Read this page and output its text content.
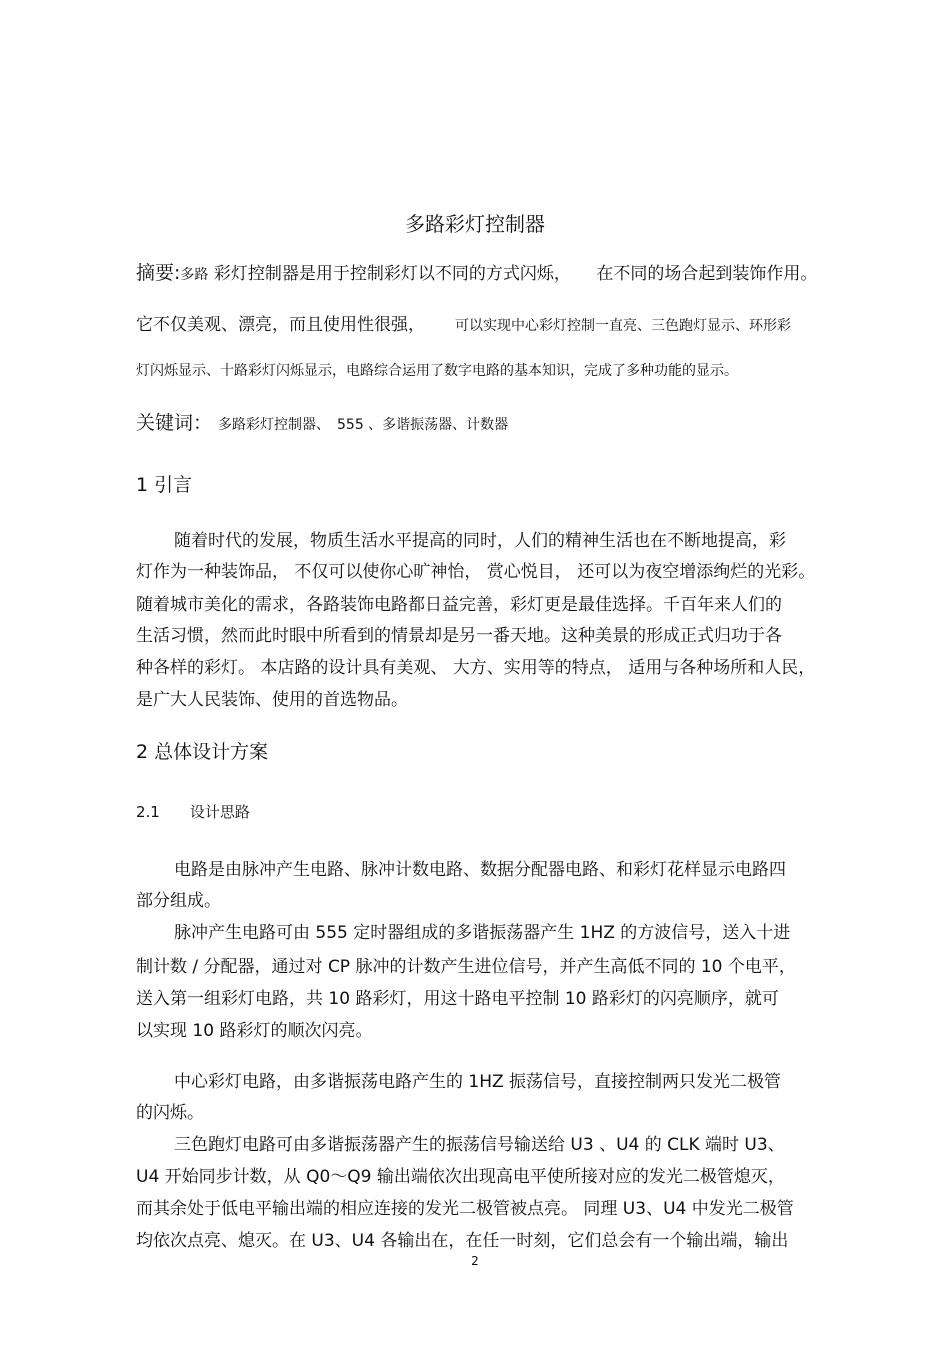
多路彩灯控制器
摘要:多路 彩灯控制器是用于控制彩灯以不同的方式闪烁，　　在不同的场合起到装饰作用。
它不仅美观、漂亮，而且使用性很强， 可以实现中心彩灯控制一直亮、三色跑灯显示、环形彩
灯闪烁显示、十路彩灯闪烁显示，电路综合运用了数字电路的基本知识，完成了多种功能的显示。
关键词： 多路彩灯控制器、　555 、多谐振荡器、计数器
1 引言
随着时代的发展，物质生活水平提高的同时，人们的精神生活也在不断地提高，彩
灯作为一种装饰品， 不仅可以使你心旷神怡， 赏心悦目， 还可以为夜空增添绚烂的光彩。
随着城市美化的需求，各路装饰电路都日益完善，彩灯更是最佳选择。千百年来人们的
生活习惯，然而此时眼中所看到的情景却是另一番天地。这种美景的形成正式归功于各
种各样的彩灯。 本店路的设计具有美观、 大方、实用等的特点， 适用与各种场所和人民，
是广大人民装饰、使用的首选物品。
2 总体设计方案
2.1　　设计思路
电路是由脉冲产生电路、脉冲计数电路、数据分配器电路、和彩灯花样显示电路四
部分组成。
脉冲产生电路可由 555 定时器组成的多谐振荡器产生 1HZ 的方波信号，送入十进
制计数 / 分配器，通过对 CP 脉冲的计数产生进位信号，并产生高低不同的 10 个电平，
送入第一组彩灯电路，共 10 路彩灯，用这十路电平控制 10 路彩灯的闪亮顺序，就可
以实现 10 路彩灯的顺次闪亮。
中心彩灯电路，由多谐振荡电路产生的 1HZ 振荡信号，直接控制两只发光二极管
的闪烁。
三色跑灯电路可由多谐振荡器产生的振荡信号输送给 U3 、U4 的 CLK 端时 U3、
U4 开始同步计数，从 Q0～Q9 输出端依次出现高电平使所接对应的发光二极管熄灭，
而其余处于低电平输出端的相应连接的发光二极管被点亮。 同理 U3、U4 中发光二极管
均依次点亮、熄灭。在 U3、U4 各输出在，在任一时刻，它们总会有一个输出端，输出
2
